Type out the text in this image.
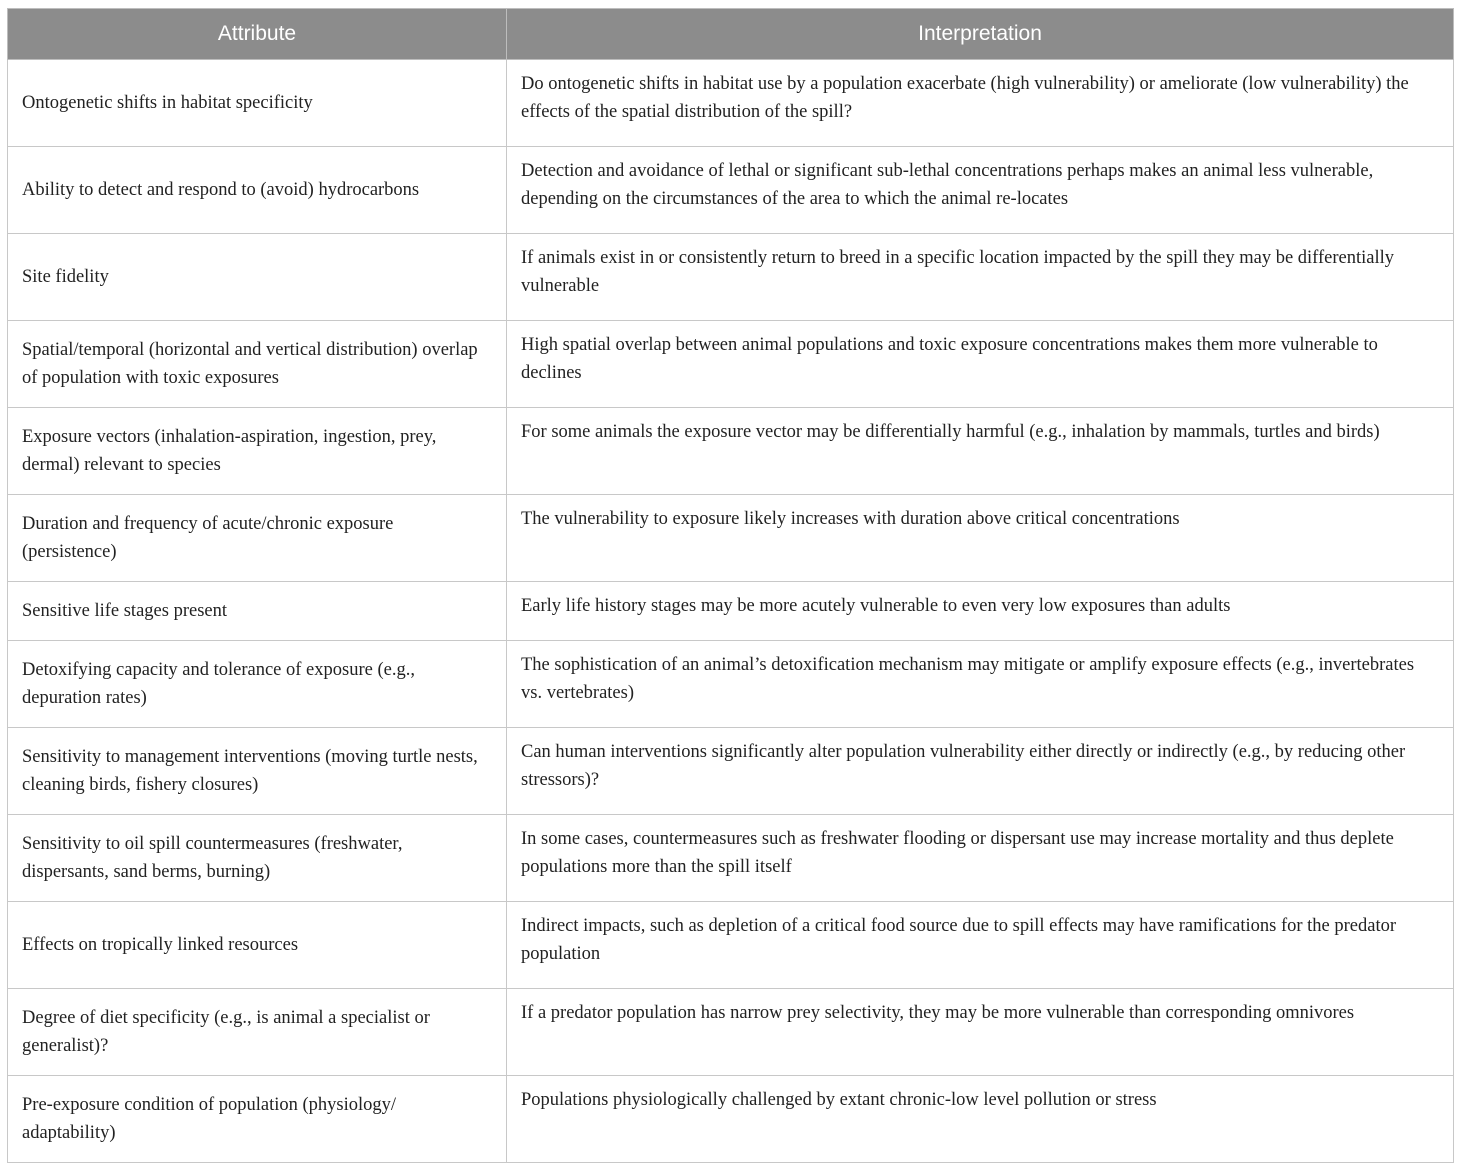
Attribute	Interpretation
Ontogenetic shifts in habitat specificity	Do ontogenetic shifts in habitat use by a population exacerbate (high vulnerability) or ameliorate (low vulnerability) the effects of the spatial distribution of the spill?
Ability to detect and respond to (avoid) hydrocarbons	Detection and avoidance of lethal or significant sub-lethal concentrations perhaps makes an animal less vulnerable, depending on the circumstances of the area to which the animal re-locates
Site fidelity	If animals exist in or consistently return to breed in a specific location impacted by the spill they may be differentially vulnerable
Spatial/temporal (horizontal and vertical distribution) overlap of population with toxic exposures	High spatial overlap between animal populations and toxic exposure concentrations makes them more vulnerable to declines
Exposure vectors (inhalation-aspiration, ingestion, prey, dermal) relevant to species	For some animals the exposure vector may be differentially harmful (e.g., inhalation by mammals, turtles and birds)
Duration and frequency of acute/chronic exposure (persistence)	The vulnerability to exposure likely increases with duration above critical concentrations
Sensitive life stages present	Early life history stages may be more acutely vulnerable to even very low exposures than adults
Detoxifying capacity and tolerance of exposure (e.g., depuration rates)	The sophistication of an animal’s detoxification mechanism may mitigate or amplify exposure effects (e.g., invertebrates vs. vertebrates)
Sensitivity to management interventions (moving turtle nests, cleaning birds, fishery closures)	Can human interventions significantly alter population vulnerability either directly or indirectly (e.g., by reducing other stressors)?
Sensitivity to oil spill countermeasures (freshwater, dispersants, sand berms, burning)	In some cases, countermeasures such as freshwater flooding or dispersant use may increase mortality and thus deplete populations more than the spill itself
Effects on tropically linked resources	Indirect impacts, such as depletion of a critical food source due to spill effects may have ramifications for the predator population
Degree of diet specificity (e.g., is animal a specialist or generalist)?	If a predator population has narrow prey selectivity, they may be more vulnerable than corresponding omnivores
Pre-exposure condition of population (physiology/ adaptability)	Populations physiologically challenged by extant chronic-low level pollution or stress
